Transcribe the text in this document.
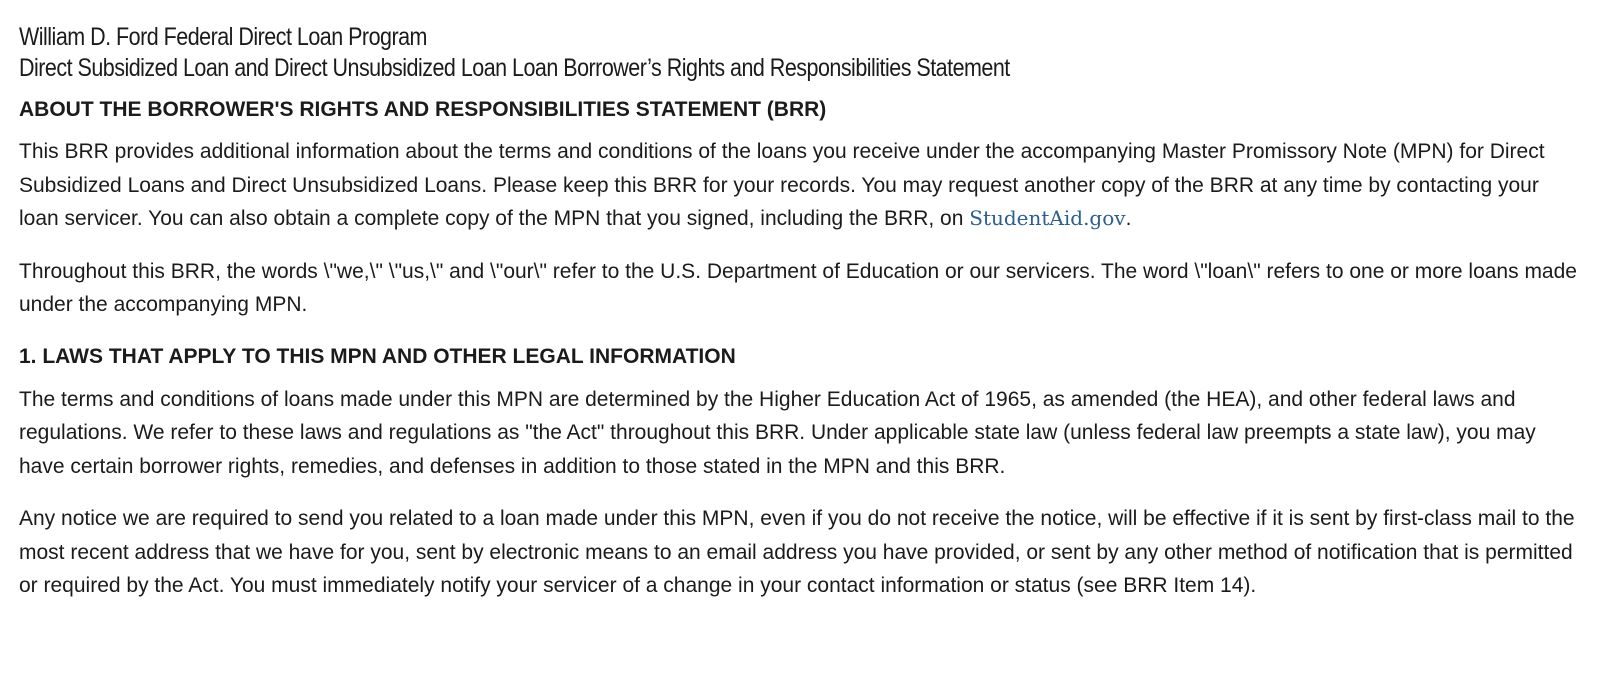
William D. Ford Federal Direct Loan Program
Direct Subsidized Loan and Direct Unsubsidized Loan Loan Borrower’s Rights and Responsibilities Statement
ABOUT THE BORROWER'S RIGHTS AND RESPONSIBILITIES STATEMENT (BRR)

This BRR provides additional information about the terms and conditions of the loans you receive under the accompanying Master Promissory Note (MPN) for Direct Subsidized Loans and Direct Unsubsidized Loans. Please keep this BRR for your records. You may request another copy of the BRR at any time by contacting your loan servicer. You can also obtain a complete copy of the MPN that you signed, including the BRR, on StudentAid.gov.

Throughout this BRR, the words \"we,\" \"us,\" and \"our\" refer to the U.S. Department of Education or our servicers. The word \"loan\" refers to one or more loans made under the accompanying MPN.

1. LAWS THAT APPLY TO THIS MPN AND OTHER LEGAL INFORMATION

The terms and conditions of loans made under this MPN are determined by the Higher Education Act of 1965, as amended (the HEA), and other federal laws and regulations. We refer to these laws and regulations as "the Act" throughout this BRR. Under applicable state law (unless federal law preempts a state law), you may have certain borrower rights, remedies, and defenses in addition to those stated in the MPN and this BRR.

Any notice we are required to send you related to a loan made under this MPN, even if you do not receive the notice, will be effective if it is sent by first-class mail to the most recent address that we have for you, sent by electronic means to an email address you have provided, or sent by any other method of notification that is permitted or required by the Act. You must immediately notify your servicer of a change in your contact information or status (see BRR Item 14).
